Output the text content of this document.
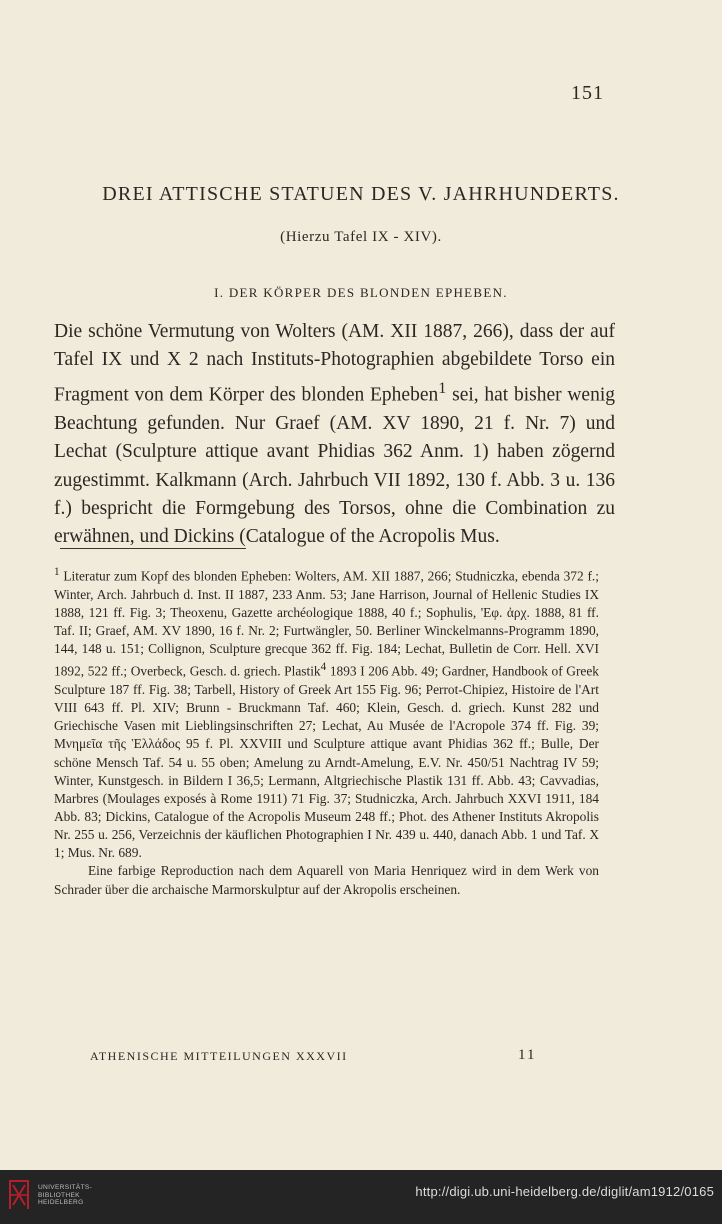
151
DREI ATTISCHE STATUEN DES V. JAHRHUNDERTS.
(Hierzu Tafel IX - XIV).
I. DER KÖRPER DES BLONDEN EPHEBEN.

Die schöne Vermutung von Wolters (AM. XII 1887, 266), dass der auf Tafel IX und X 2 nach Instituts-Photographien abgebildete Torso ein Fragment von dem Körper des blonden Epheben$^1$ sei, hat bisher wenig Beachtung gefunden. Nur Graef (AM. XV 1890, 21 f. Nr. 7) und Lechat (Sculpture attique avant Phidias 362 Anm. 1) haben zögernd zugestimmt. Kalkmann (Arch. Jahrbuch VII 1892, 130 f. Abb. 3 u. 136 f.) bespricht die Formgebung des Torsos, ohne die Combination zu erwähnen, und Dickins (Catalogue of the Acropolis Mus.

$^1$ Literatur zum Kopf des blonden Epheben: Wolters, AM. XII 1887, 266; Studniczka, ebenda 372 f.; Winter, Arch. Jahrbuch d. Inst. II 1887, 233 Anm. 53; Jane Harrison, Journal of Hellenic Studies IX 1888, 121 ff. Fig. 3; Theoxenu, Gazette archéologique 1888, 40 f.; Sophulis, 'Εφ. ἀρχ. 1888, 81 ff. Taf. II; Graef, AM. XV 1890, 16 f. Nr. 2; Furtwängler, 50. Berliner Winckelmanns-Programm 1890, 144, 148 u. 151; Collignon, Sculpture grecque 362 ff. Fig. 184; Lechat, Bulletin de Corr. Hell. XVI 1892, 522 ff.; Overbeck, Gesch. d. griech. Plastik$^4$ 1893 I 206 Abb. 49; Gardner, Handbook of Greek Sculpture 187 ff. Fig. 38; Tarbell, History of Greek Art 155 Fig. 96; Perrot-Chipiez, Histoire de l'Art VIII 643 ff. Pl. XIV; Brunn - Bruckmann Taf. 460; Klein, Gesch. d. griech. Kunst 282 und Griechische Vasen mit Lieblingsinschriften 27; Lechat, Au Musée de l'Acropole 374 ff. Fig. 39; Μνημεῖα τῆς Ἑλλάδος 95 f. Pl. XXVIII und Sculpture attique avant Phidias 362 ff.; Bulle, Der schöne Mensch Taf. 54 u. 55 oben; Amelung zu Arndt-Amelung, E.V. Nr. 450/51 Nachtrag IV 59; Winter, Kunstgesch. in Bildern I 36,5; Lermann, Altgriechische Plastik 131 ff. Abb. 43; Cavvadias, Marbres (Moulages exposés à Rome 1911) 71 Fig. 37; Studniczka, Arch. Jahrbuch XXVI 1911, 184 Abb. 83; Dickins, Catalogue of the Acropolis Museum 248 ff.; Phot. des Athener Instituts Akropolis Nr. 255 u. 256, Verzeichnis der käuflichen Photographien I Nr. 439 u. 440, danach Abb. 1 und Taf. X 1; Mus. Nr. 689.

Eine farbige Reproduction nach dem Aquarell von Maria Henriquez wird in dem Werk von Schrader über die archaische Marmorskulptur auf der Akropolis erscheinen.

ATHENISCHE MITTEILUNGEN XXXVII	11
UNIVERSITÄTS-
BIBLIOTHEK
HEIDELBERG
http://digi.ub.uni-heidelberg.de/diglit/am1912/0165
